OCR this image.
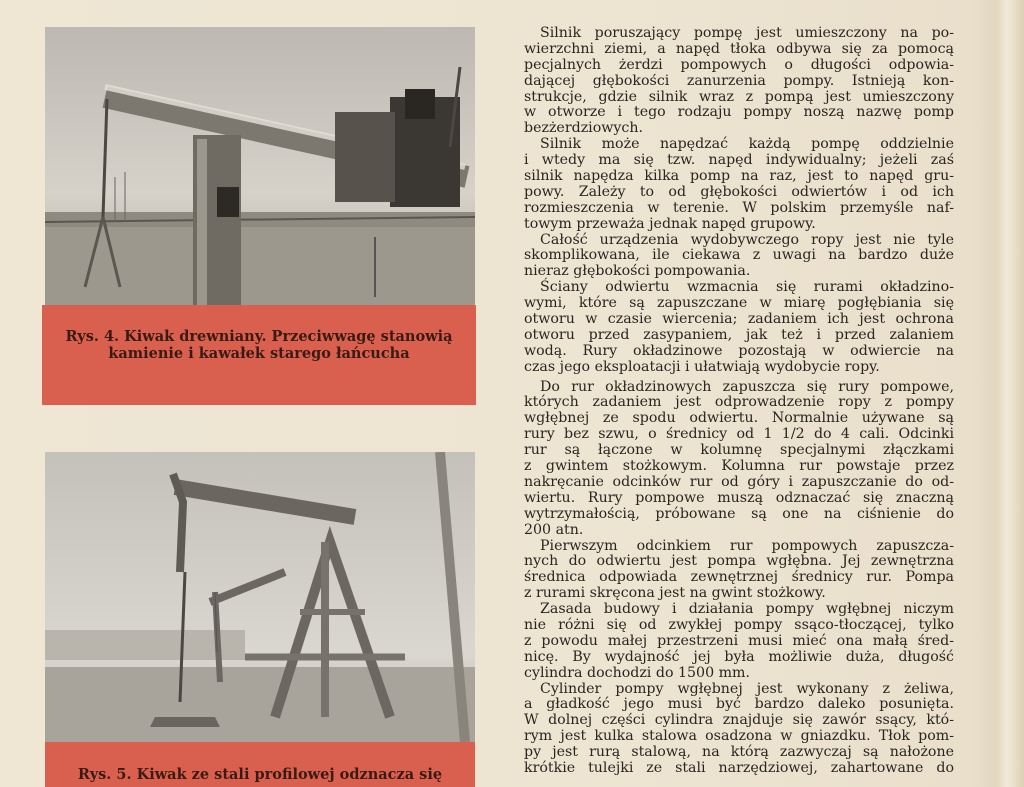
Rys. 4. Kiwak drewniany. Przeciwwagę stanowią
kamienie i kawałek starego łańcucha
Rys. 5. Kiwak ze stali profilowej odznacza się
Silnik poruszający pompę jest umieszczony na po-
wierzchni ziemi, a napęd tłoka odbywa się za pomocą
pecjalnych żerdzi pompowych o długości odpowia-
dającej głębokości zanurzenia pompy. Istnieją kon-
strukcje, gdzie silnik wraz z pompą jest umieszczony
w otworze i tego rodzaju pompy noszą nazwę pomp
bezżerdziowych.
Silnik może napędzać każdą pompę oddzielnie
i wtedy ma się tzw. napęd indywidualny; jeżeli zaś
silnik napędza kilka pomp na raz, jest to napęd gru-
powy. Zależy to od głębokości odwiertów i od ich
rozmieszczenia w terenie. W polskim przemyśle naf-
towym przeważa jednak napęd grupowy.
Całość urządzenia wydobywczego ropy jest nie tyle
skomplikowana, ile ciekawa z uwagi na bardzo duże
nieraz głębokości pompowania.
Ściany odwiertu wzmacnia się rurami okładzino-
wymi, które są zapuszczane w miarę pogłębiania się
otworu w czasie wiercenia; zadaniem ich jest ochrona
otworu przed zasypaniem, jak też i przed zalaniem
wodą. Rury okładzinowe pozostają w odwiercie na
czas jego eksploatacji i ułatwiają wydobycie ropy.
Do rur okładzinowych zapuszcza się rury pompowe,
których zadaniem jest odprowadzenie ropy z pompy
wgłębnej ze spodu odwiertu. Normalnie używane są
rury bez szwu, o średnicy od 1 1/2 do 4 cali. Odcinki
rur są łączone w kolumnę specjalnymi złączkami
z gwintem stożkowym. Kolumna rur powstaje przez
nakręcanie odcinków rur od góry i zapuszczanie do od-
wiertu. Rury pompowe muszą odznaczać się znaczną
wytrzymałością, próbowane są one na ciśnienie do
200 atn.
Pierwszym odcinkiem rur pompowych zapuszcza-
nych do odwiertu jest pompa wgłębna. Jej zewnętrzna
średnica odpowiada zewnętrznej średnicy rur. Pompa
z rurami skręcona jest na gwint stożkowy.
Zasada budowy i działania pompy wgłębnej niczym
nie różni się od zwykłej pompy ssąco-tłoczącej, tylko
z powodu małej przestrzeni musi mieć ona małą śred-
nicę. By wydajność jej była możliwie duża, długość
cylindra dochodzi do 1500 mm.
Cylinder pompy wgłębnej jest wykonany z żeliwa,
a gładkość jego musi być bardzo daleko posunięta.
W dolnej części cylindra znajduje się zawór ssący, któ-
rym jest kulka stalowa osadzona w gniazdku. Tłok pom-
py jest rurą stalową, na którą zazwyczaj są nałożone
krótkie tulejki ze stali narzędziowej, zahartowane do
